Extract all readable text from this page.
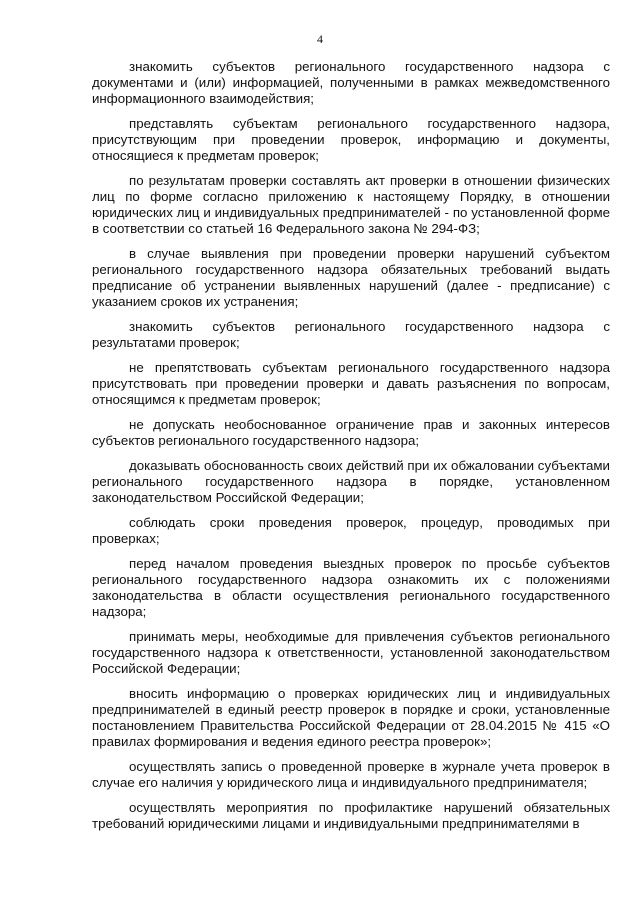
4

знакомить субъектов регионального государственного надзора с документами и (или) информацией, полученными в рамках межведомственного информационного взаимодействия;

представлять субъектам регионального государственного надзора, присутствующим при проведении проверок, информацию и документы, относящиеся к предметам проверок;

по результатам проверки составлять акт проверки в отношении физических лиц по форме согласно приложению к настоящему Порядку, в отношении юридических лиц и индивидуальных предпринимателей - по установленной форме в соответствии со статьей 16 Федерального закона № 294-ФЗ;

в случае выявления при проведении проверки нарушений субъектом регионального государственного надзора обязательных требований выдать предписание об устранении выявленных нарушений (далее - предписание) с указанием сроков их устранения;

знакомить субъектов регионального государственного надзора с результатами проверок;

не препятствовать субъектам регионального государственного надзора присутствовать при проведении проверки и давать разъяснения по вопросам, относящимся к предметам проверок;

не допускать необоснованное ограничение прав и законных интересов субъектов регионального государственного надзора;

доказывать обоснованность своих действий при их обжаловании субъектами регионального государственного надзора в порядке, установленном законодательством Российской Федерации;

соблюдать сроки проведения проверок, процедур, проводимых при проверках;

перед началом проведения выездных проверок по просьбе субъектов регионального государственного надзора ознакомить их с положениями законодательства в области осуществления регионального государственного надзора;

принимать меры, необходимые для привлечения субъектов регионального государственного надзора к ответственности, установленной законодательством Российской Федерации;

вносить информацию о проверках юридических лиц и индивидуальных предпринимателей в единый реестр проверок в порядке и сроки, установленные постановлением Правительства Российской Федерации от 28.04.2015 № 415 «О правилах формирования и ведения единого реестра проверок»;

осуществлять запись о проведенной проверке в журнале учета проверок в случае его наличия у юридического лица и индивидуального предпринимателя;

осуществлять мероприятия по профилактике нарушений обязательных требований юридическими лицами и индивидуальными предпринимателями в
